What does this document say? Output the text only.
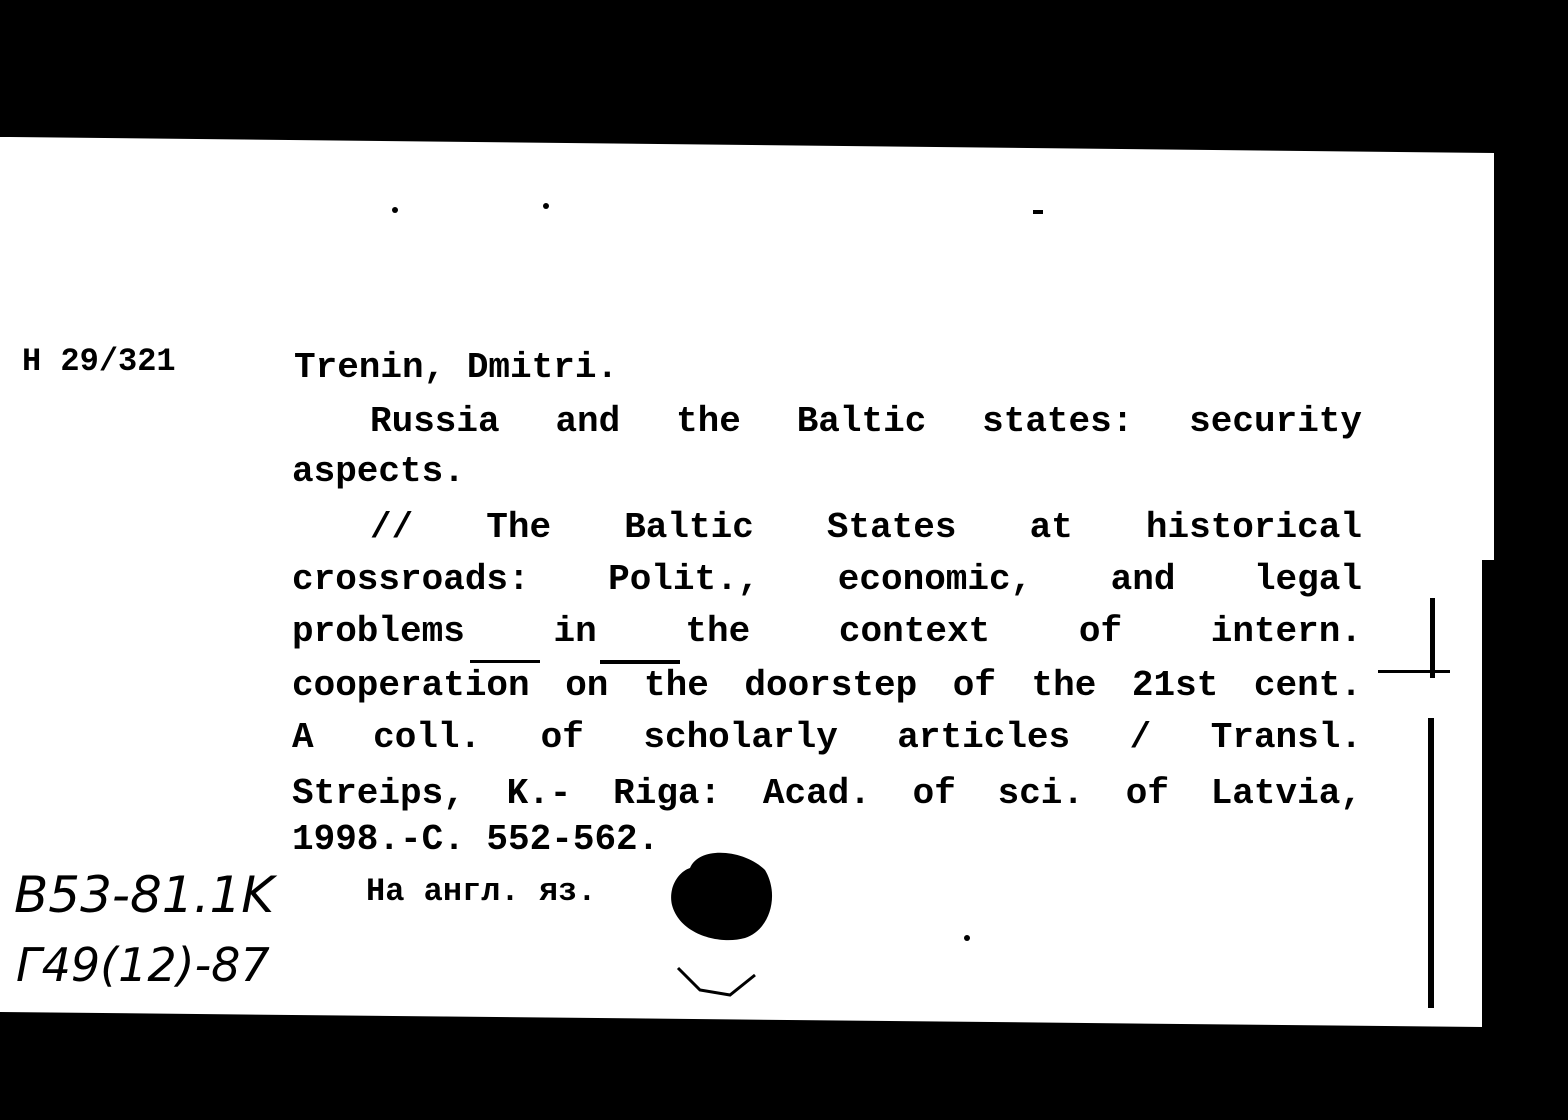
Н 29/321	Trenin, Dmitri.
Russia and the Baltic states: security
aspects.
// The Baltic States at historical
crossroads: Polit., economic, and legal
problems in the context of intern.
cooperation on the doorstep of the 21st cent.
A coll. of scholarly articles / Transl.
Streips, K.- Riga: Acad. of sci. of Latvia,
1998.-C. 552-562.
На англ. яз.
B53-81.1K
Г49(12)-87
